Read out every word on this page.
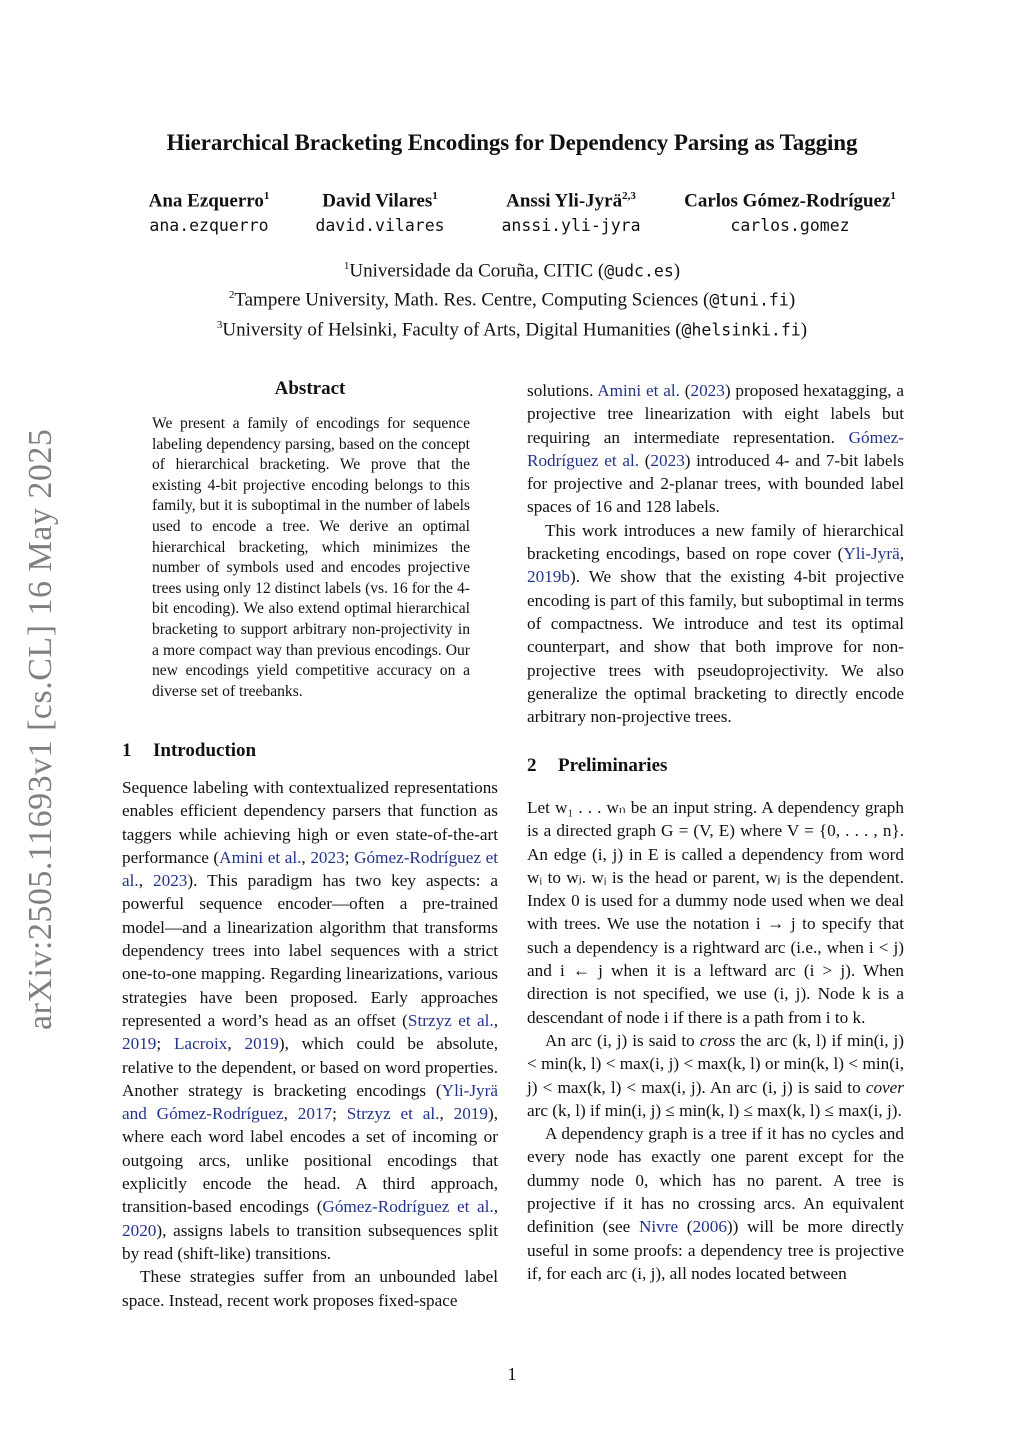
Hierarchical Bracketing Encodings for Dependency Parsing as Tagging
Ana Ezquerro$^1$
ana.ezquerro
David Vilares$^1$
david.vilares
Anssi Yli-Jyrä$^{2,3}$
anssi.yli-jyra
Carlos Gómez-Rodríguez$^1$
carlos.gomez
$^1$Universidade da Coruña, CITIC (@udc.es)
$^2$Tampere University, Math. Res. Centre, Computing Sciences (@tuni.fi)
$^3$University of Helsinki, Faculty of Arts, Digital Humanities (@helsinki.fi)
arXiv:2505.11693v1 [cs.CL] 16 May 2025
Abstract
We present a family of encodings for sequence labeling dependency parsing, based on the concept of hierarchical bracketing. We prove that the existing 4-bit projective encoding belongs to this family, but it is suboptimal in the number of labels used to encode a tree. We derive an optimal hierarchical bracketing, which minimizes the number of symbols used and encodes projective trees using only 12 distinct labels (vs. 16 for the 4-bit encoding). We also extend optimal hierarchical bracketing to support arbitrary non-projectivity in a more compact way than previous encodings. Our new encodings yield competitive accuracy on a diverse set of treebanks.
1 Introduction

Sequence labeling with contextualized representations enables efficient dependency parsers that function as taggers while achieving high or even state-of-the-art performance (Amini et al., 2023; Gómez-Rodríguez et al., 2023). This paradigm has two key aspects: a powerful sequence encoder—often a pre-trained model—and a linearization algorithm that transforms dependency trees into label sequences with a strict one-to-one mapping. Regarding linearizations, various strategies have been proposed. Early approaches represented a word’s head as an offset (Strzyz et al., 2019; Lacroix, 2019), which could be absolute, relative to the dependent, or based on word properties. Another strategy is bracketing encodings (Yli-Jyrä and Gómez-Rodríguez, 2017; Strzyz et al., 2019), where each word label encodes a set of incoming or outgoing arcs, unlike positional encodings that explicitly encode the head. A third approach, transition-based encodings (Gómez-Rodríguez et al., 2020), assigns labels to transition subsequences split by read (shift-like) transitions.

These strategies suffer from an unbounded label space. Instead, recent work proposes fixed-space

solutions. Amini et al. (2023) proposed hexatagging, a projective tree linearization with eight labels but requiring an intermediate representation. Gómez-Rodríguez et al. (2023) introduced 4- and 7-bit labels for projective and 2-planar trees, with bounded label spaces of 16 and 128 labels.

This work introduces a new family of hierarchical bracketing encodings, based on rope cover (Yli-Jyrä, 2019b). We show that the existing 4-bit projective encoding is part of this family, but suboptimal in terms of compactness. We introduce and test its optimal counterpart, and show that both improve for non-projective trees with pseudoprojectivity. We also generalize the optimal bracketing to directly encode arbitrary non-projective trees.

2 Preliminaries

Let w₁ . . . wₙ be an input string. A dependency graph is a directed graph G = (V, E) where V = {0, . . . , n}. An edge (i, j) in E is called a dependency from word wᵢ to wⱼ. wᵢ is the head or parent, wⱼ is the dependent. Index 0 is used for a dummy node used when we deal with trees. We use the notation i → j to specify that such a dependency is a rightward arc (i.e., when i < j) and i ← j when it is a leftward arc (i > j). When direction is not specified, we use (i, j). Node k is a descendant of node i if there is a path from i to k.

An arc (i, j) is said to cross the arc (k, l) if min(i, j) < min(k, l) < max(i, j) < max(k, l) or min(k, l) < min(i, j) < max(k, l) < max(i, j). An arc (i, j) is said to cover arc (k, l) if min(i, j) ≤ min(k, l) ≤ max(k, l) ≤ max(i, j).

A dependency graph is a tree if it has no cycles and every node has exactly one parent except for the dummy node 0, which has no parent. A tree is projective if it has no crossing arcs. An equivalent definition (see Nivre (2006)) will be more directly useful in some proofs: a dependency tree is projective if, for each arc (i, j), all nodes located between

1
